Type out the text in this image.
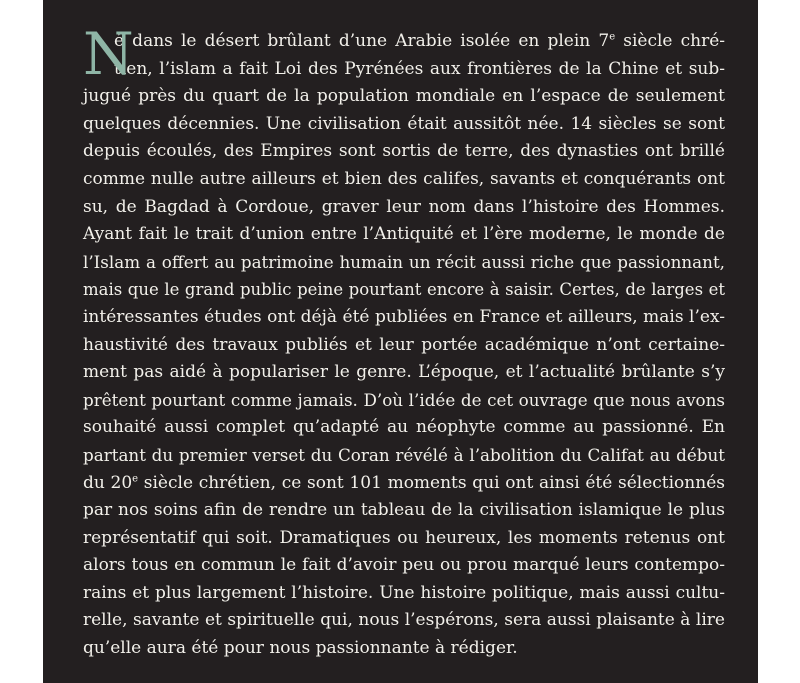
N
é dans le désert brûlant d’une Arabie isolée en plein 7e siècle chré-
tien, l’islam a fait Loi des Pyrénées aux frontières de la Chine et sub-
jugué près du quart de la population mondiale en l’espace de seulement
quelques décennies. Une civilisation était aussitôt née. 14 siècles se sont
depuis écoulés, des Empires sont sortis de terre, des dynasties ont brillé
comme nulle autre ailleurs et bien des califes, savants et conquérants ont
su, de Bagdad à Cordoue, graver leur nom dans l’histoire des Hommes.
Ayant fait le trait d’union entre l’Antiquité et l’ère moderne, le monde de
l’Islam a offert au patrimoine humain un récit aussi riche que passionnant,
mais que le grand public peine pourtant encore à saisir. Certes, de larges et
intéressantes études ont déjà été publiées en France et ailleurs, mais l’ex-
haustivité des travaux publiés et leur portée académique n’ont certaine-
ment pas aidé à populariser le genre. L’époque, et l’actualité brûlante s’y
prêtent pourtant comme jamais. D’où l’idée de cet ouvrage que nous avons
souhaité aussi complet qu’adapté au néophyte comme au passionné. En
partant du premier verset du Coran révélé à l’abolition du Califat au début
du 20e siècle chrétien, ce sont 101 moments qui ont ainsi été sélectionnés
par nos soins afin de rendre un tableau de la civilisation islamique le plus
représentatif qui soit. Dramatiques ou heureux, les moments retenus ont
alors tous en commun le fait d’avoir peu ou prou marqué leurs contempo-
rains et plus largement l’histoire. Une histoire politique, mais aussi cultu-
relle, savante et spirituelle qui, nous l’espérons, sera aussi plaisante à lire
qu’elle aura été pour nous passionnante à rédiger.
